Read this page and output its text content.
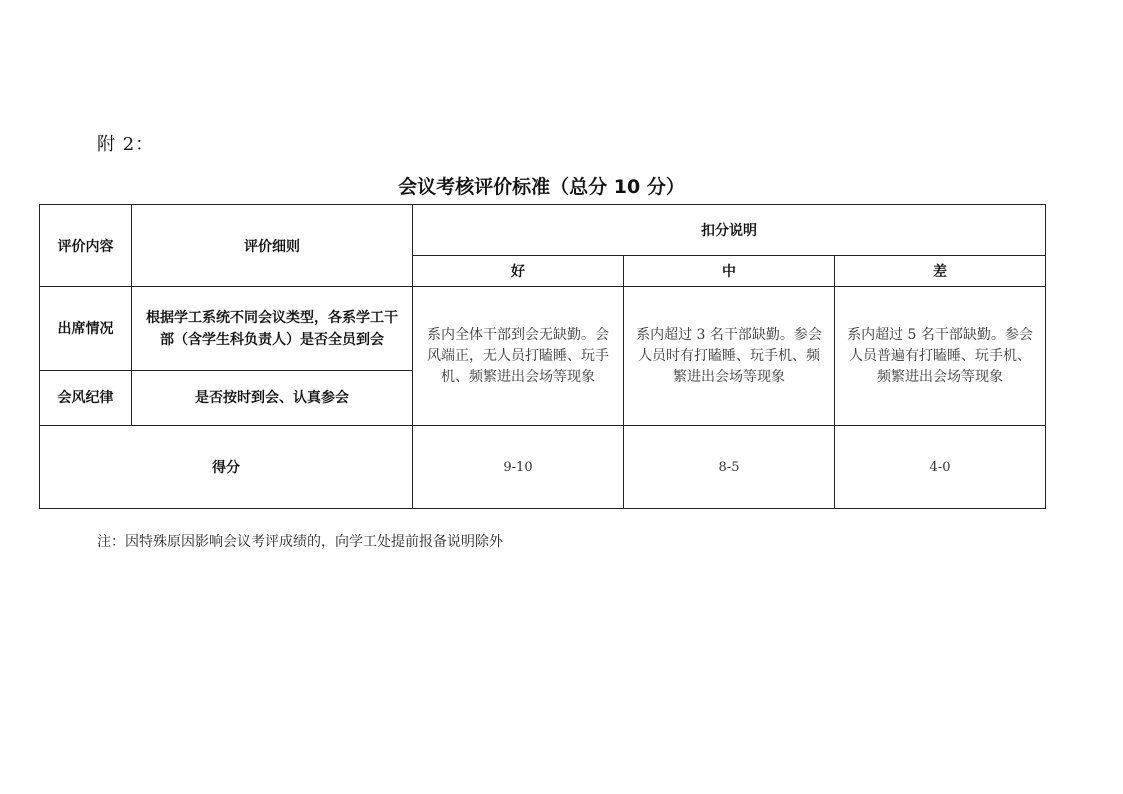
附 2：
会议考核评价标准（总分 10 分）
评价内容	评价细则	扣分说明		
		好	中	差
出席情况	根据学工系统不同会议类型，各系学工干部（含学生科负责人）是否全员到会	系内全体干部到会无缺勤。会风端正，无人员打瞌睡、玩手机、频繁进出会场等现象	系内超过 3 名干部缺勤。参会人员时有打瞌睡、玩手机、频繁进出会场等现象	系内超过 5 名干部缺勤。参会人员普遍有打瞌睡、玩手机、频繁进出会场等现象
会风纪律	是否按时到会、认真参会			
得分		9-10	8-5	4-0
注：因特殊原因影响会议考评成绩的，向学工处提前报备说明除外
